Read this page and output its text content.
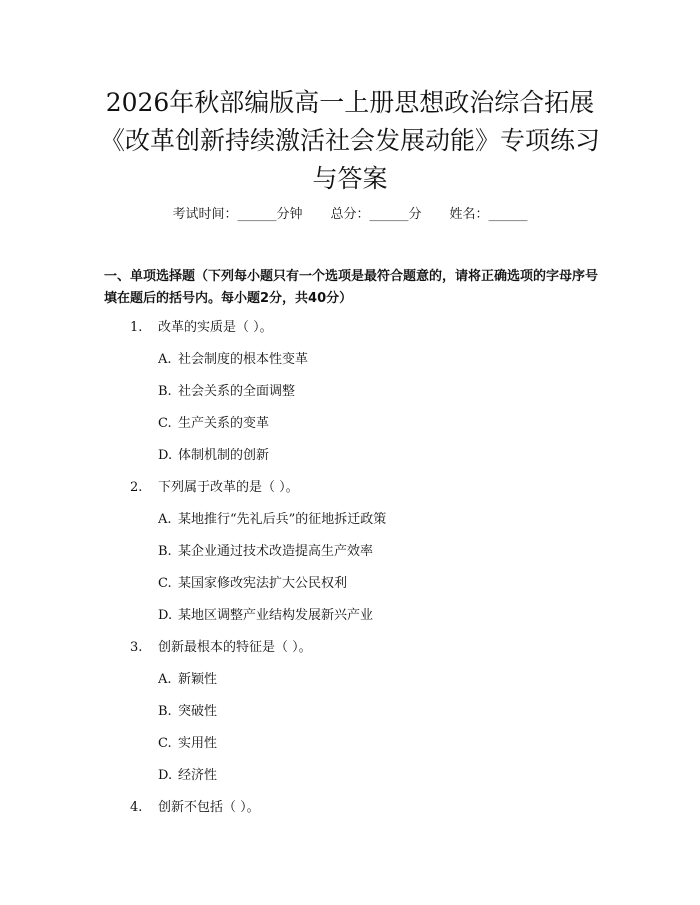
2026年秋部编版高一上册思想政治综合拓展《改革创新持续激活社会发展动能》专项练习与答案
考试时间：______分钟 总分：______分 姓名：______

一、单项选择题（下列每小题只有一个选项是最符合题意的，请将正确选项的字母序号填在题后的括号内。每小题2分，共40分）

1. 改革的实质是（ ）。
A. 社会制度的根本性变革
B. 社会关系的全面调整
C. 生产关系的变革
D. 体制机制的创新
2. 下列属于改革的是（ ）。
A. 某地推行“先礼后兵”的征地拆迁政策
B. 某企业通过技术改造提高生产效率
C. 某国家修改宪法扩大公民权利
D. 某地区调整产业结构发展新兴产业
3. 创新最根本的特征是（ ）。
A. 新颖性
B. 突破性
C. 实用性
D. 经济性
4. 创新不包括（ ）。
